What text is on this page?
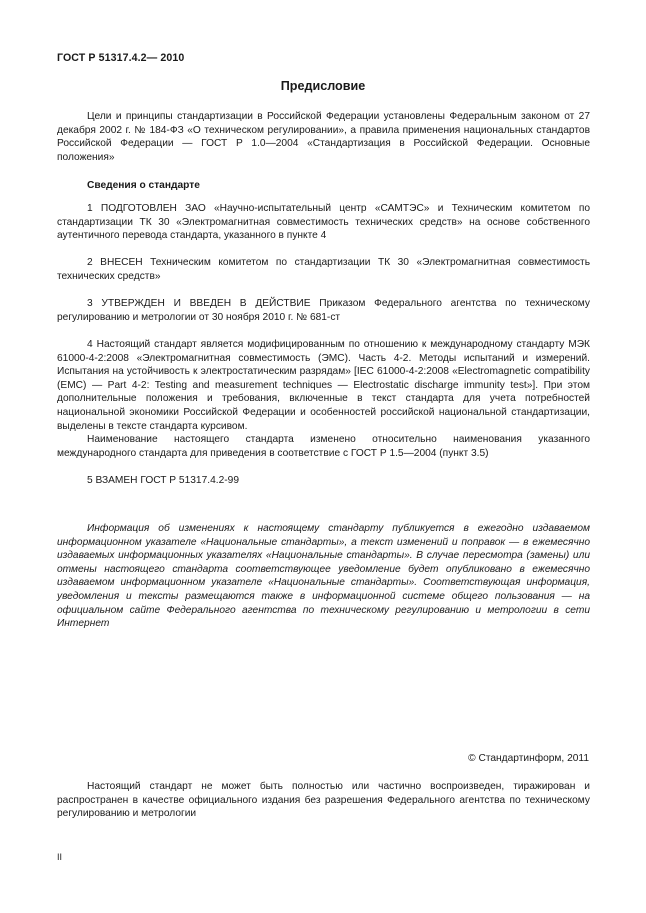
ГОСТ Р 51317.4.2— 2010
Предисловие
Цели и принципы стандартизации в Российской Федерации установлены Федеральным законом от 27 декабря 2002 г. № 184-ФЗ «О техническом регулировании», а правила применения национальных стандартов Российской Федерации — ГОСТ Р 1.0—2004 «Стандартизация в Российской Федерации. Основные положения»
Сведения о стандарте
1 ПОДГОТОВЛЕН ЗАО «Научно-испытательный центр «САМТЭС» и Техническим комитетом по стандартизации ТК 30 «Электромагнитная совместимость технических средств» на основе собственного аутентичного перевода стандарта, указанного в пункте 4
2 ВНЕСЕН Техническим комитетом по стандартизации ТК 30 «Электромагнитная совместимость технических средств»
3 УТВЕРЖДЕН И ВВЕДЕН В ДЕЙСТВИЕ Приказом Федерального агентства по техническому регулированию и метрологии от 30 ноября 2010 г. № 681-ст
4 Настоящий стандарт является модифицированным по отношению к международному стандарту МЭК 61000-4-2:2008 «Электромагнитная совместимость (ЭМС). Часть 4-2. Методы испытаний и измерений. Испытания на устойчивость к электростатическим разрядам» [IEC 61000-4-2:2008 «Electromagnetic compatibility (EMC) — Part 4-2: Testing and measurement techniques — Electrostatic discharge immunity test»]. При этом дополнительные положения и требования, включенные в текст стандарта для учета потребностей национальной экономики Российской Федерации и особенностей российской национальной стандартизации, выделены в тексте стандарта курсивом.
Наименование настоящего стандарта изменено относительно наименования указанного международного стандарта для приведения в соответствие с ГОСТ Р 1.5—2004 (пункт 3.5)
5 ВЗАМЕН ГОСТ Р 51317.4.2-99
Информация об изменениях к настоящему стандарту публикуется в ежегодно издаваемом информационном указателе «Национальные стандарты», а текст изменений и поправок — в ежемесячно издаваемых информационных указателях «Национальные стандарты». В случае пересмотра (замены) или отмены настоящего стандарта соответствующее уведомление будет опубликовано в ежемесячно издаваемом информационном указателе «Национальные стандарты». Соответствующая информация, уведомления и тексты размещаются также в информационной системе общего пользования — на официальном сайте Федерального агентства по техническому регулированию и метрологии в сети Интернет
© Стандартинформ, 2011
Настоящий стандарт не может быть полностью или частично воспроизведен, тиражирован и распространен в качестве официального издания без разрешения Федерального агентства по техническому регулированию и метрологии
II
